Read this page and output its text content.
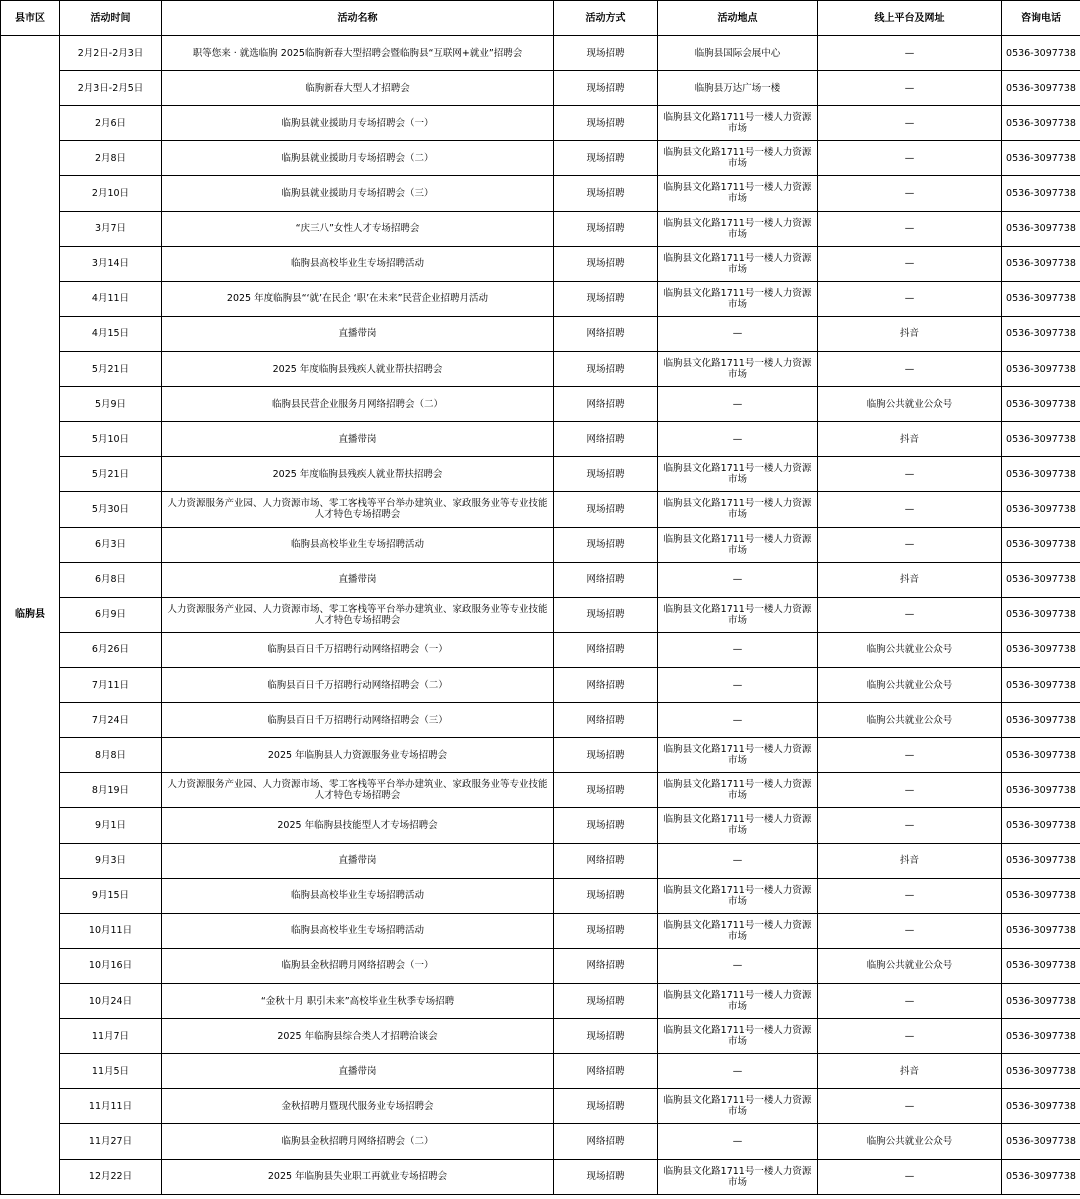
县市区	活动时间	活动名称	活动方式	活动地点	线上平台及网址	咨询电话
临朐县	2月2日-2月3日	职等您来 · 就选临朐 2025临朐新春大型招聘会暨临朐县“互联网+就业”招聘会	现场招聘	临朐县国际会展中心	—	0536-3097738
	2月3日-2月5日	临朐新春大型人才招聘会	现场招聘	临朐县万达广场一楼	—	0536-3097738
	2月6日	临朐县就业援助月专场招聘会（一）	现场招聘	临朐县文化路1711号一楼人力资源市场	—	0536-3097738
	2月8日	临朐县就业援助月专场招聘会（二）	现场招聘	临朐县文化路1711号一楼人力资源市场	—	0536-3097738
	2月10日	临朐县就业援助月专场招聘会（三）	现场招聘	临朐县文化路1711号一楼人力资源市场	—	0536-3097738
	3月7日	“庆三八”女性人才专场招聘会	现场招聘	临朐县文化路1711号一楼人力资源市场	—	0536-3097738
	3月14日	临朐县高校毕业生专场招聘活动	现场招聘	临朐县文化路1711号一楼人力资源市场	—	0536-3097738
	4月11日	2025 年度临朐县“‘就’在民企 ‘职’在未来”民营企业招聘月活动	现场招聘	临朐县文化路1711号一楼人力资源市场	—	0536-3097738
	4月15日	直播带岗	网络招聘	—	抖音	0536-3097738
	5月21日	2025 年度临朐县残疾人就业帮扶招聘会	现场招聘	临朐县文化路1711号一楼人力资源市场	—	0536-3097738
	5月9日	临朐县民营企业服务月网络招聘会（二）	网络招聘	—	临朐公共就业公众号	0536-3097738
	5月10日	直播带岗	网络招聘	—	抖音	0536-3097738
	5月21日	2025 年度临朐县残疾人就业帮扶招聘会	现场招聘	临朐县文化路1711号一楼人力资源市场	—	0536-3097738
	5月30日	人力资源服务产业园、人力资源市场、零工客栈等平台举办建筑业、家政服务业等专业技能人才特色专场招聘会	现场招聘	临朐县文化路1711号一楼人力资源市场	—	0536-3097738
	6月3日	临朐县高校毕业生专场招聘活动	现场招聘	临朐县文化路1711号一楼人力资源市场	—	0536-3097738
	6月8日	直播带岗	网络招聘	—	抖音	0536-3097738
	6月9日	人力资源服务产业园、人力资源市场、零工客栈等平台举办建筑业、家政服务业等专业技能人才特色专场招聘会	现场招聘	临朐县文化路1711号一楼人力资源市场	—	0536-3097738
	6月26日	临朐县百日千万招聘行动网络招聘会（一）	网络招聘	—	临朐公共就业公众号	0536-3097738
	7月11日	临朐县百日千万招聘行动网络招聘会（二）	网络招聘	—	临朐公共就业公众号	0536-3097738
	7月24日	临朐县百日千万招聘行动网络招聘会（三）	网络招聘	—	临朐公共就业公众号	0536-3097738
	8月8日	2025 年临朐县人力资源服务业专场招聘会	现场招聘	临朐县文化路1711号一楼人力资源市场	—	0536-3097738
	8月19日	人力资源服务产业园、人力资源市场、零工客栈等平台举办建筑业、家政服务业等专业技能人才特色专场招聘会	现场招聘	临朐县文化路1711号一楼人力资源市场	—	0536-3097738
	9月1日	2025 年临朐县技能型人才专场招聘会	现场招聘	临朐县文化路1711号一楼人力资源市场	—	0536-3097738
	9月3日	直播带岗	网络招聘	—	抖音	0536-3097738
	9月15日	临朐县高校毕业生专场招聘活动	现场招聘	临朐县文化路1711号一楼人力资源市场	—	0536-3097738
	10月11日	临朐县高校毕业生专场招聘活动	现场招聘	临朐县文化路1711号一楼人力资源市场	—	0536-3097738
	10月16日	临朐县金秋招聘月网络招聘会（一）	网络招聘	—	临朐公共就业公众号	0536-3097738
	10月24日	“金秋十月 职引未来”高校毕业生秋季专场招聘	现场招聘	临朐县文化路1711号一楼人力资源市场	—	0536-3097738
	11月7日	2025 年临朐县综合类人才招聘洽谈会	现场招聘	临朐县文化路1711号一楼人力资源市场	—	0536-3097738
	11月5日	直播带岗	网络招聘	—	抖音	0536-3097738
	11月11日	金秋招聘月暨现代服务业专场招聘会	现场招聘	临朐县文化路1711号一楼人力资源市场	—	0536-3097738
	11月27日	临朐县金秋招聘月网络招聘会（二）	网络招聘	—	临朐公共就业公众号	0536-3097738
	12月22日	2025 年临朐县失业职工再就业专场招聘会	现场招聘	临朐县文化路1711号一楼人力资源市场	—	0536-3097738
